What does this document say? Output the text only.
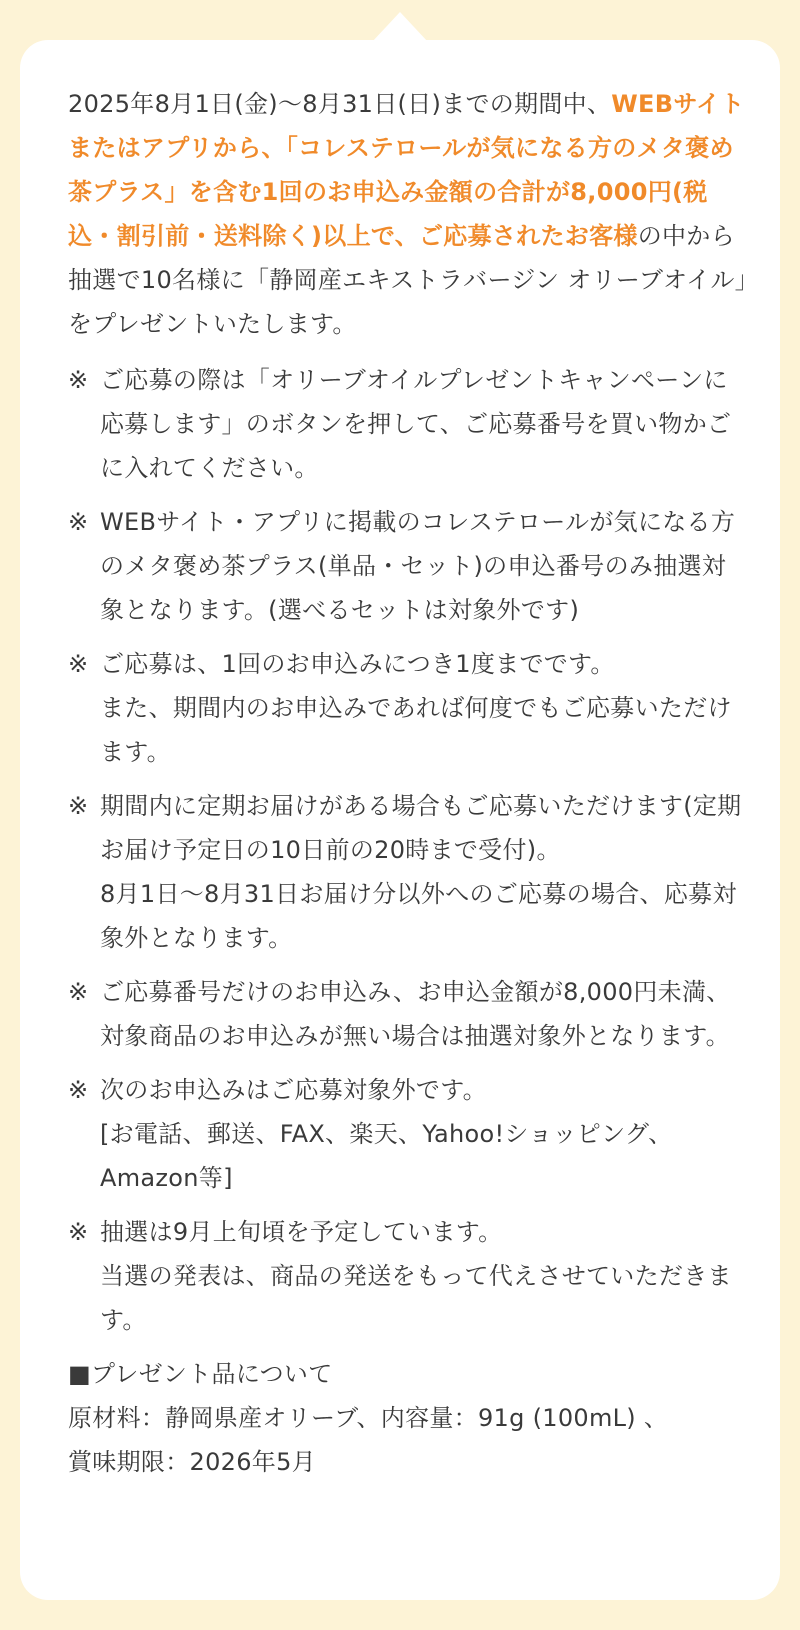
2025年8月1日(金)〜8月31日(日)までの期間中、WEBサイトまたはアプリから、「コレステロールが気になる方のメタ褒め茶プラス」を含む1回のお申込み金額の合計が8,000円(税込・割引前・送料除く)以上で、ご応募されたお客様の中から抽選で10名様に「静岡産エキストラバージン オリーブオイル」をプレゼントいたします。

※ ご応募の際は「オリーブオイルプレゼントキャンペーンに応募します」のボタンを押して、ご応募番号を買い物かごに入れてください。

※ WEBサイト・アプリに掲載のコレステロールが気になる方のメタ褒め茶プラス(単品・セット)の申込番号のみ抽選対象となります。(選べるセットは対象外です)

※ ご応募は、1回のお申込みにつき1度までです。

また、期間内のお申込みであれば何度でもご応募いただけます。

※ 期間内に定期お届けがある場合もご応募いただけます(定期お届け予定日の10日前の20時まで受付)。

8月1日〜8月31日お届け分以外へのご応募の場合、応募対象外となります。

※ ご応募番号だけのお申込み、お申込金額が8,000円未満、対象商品のお申込みが無い場合は抽選対象外となります。

※ 次のお申込みはご応募対象外です。

[お電話、郵送、FAX、楽天、Yahoo!ショッピング、Amazon等]

※ 抽選は9月上旬頃を予定しています。

当選の発表は、商品の発送をもって代えさせていただきます。

■プレゼント品について

原材料：静岡県産オリーブ、内容量：91g (100mL) 、

賞味期限：2026年5月
